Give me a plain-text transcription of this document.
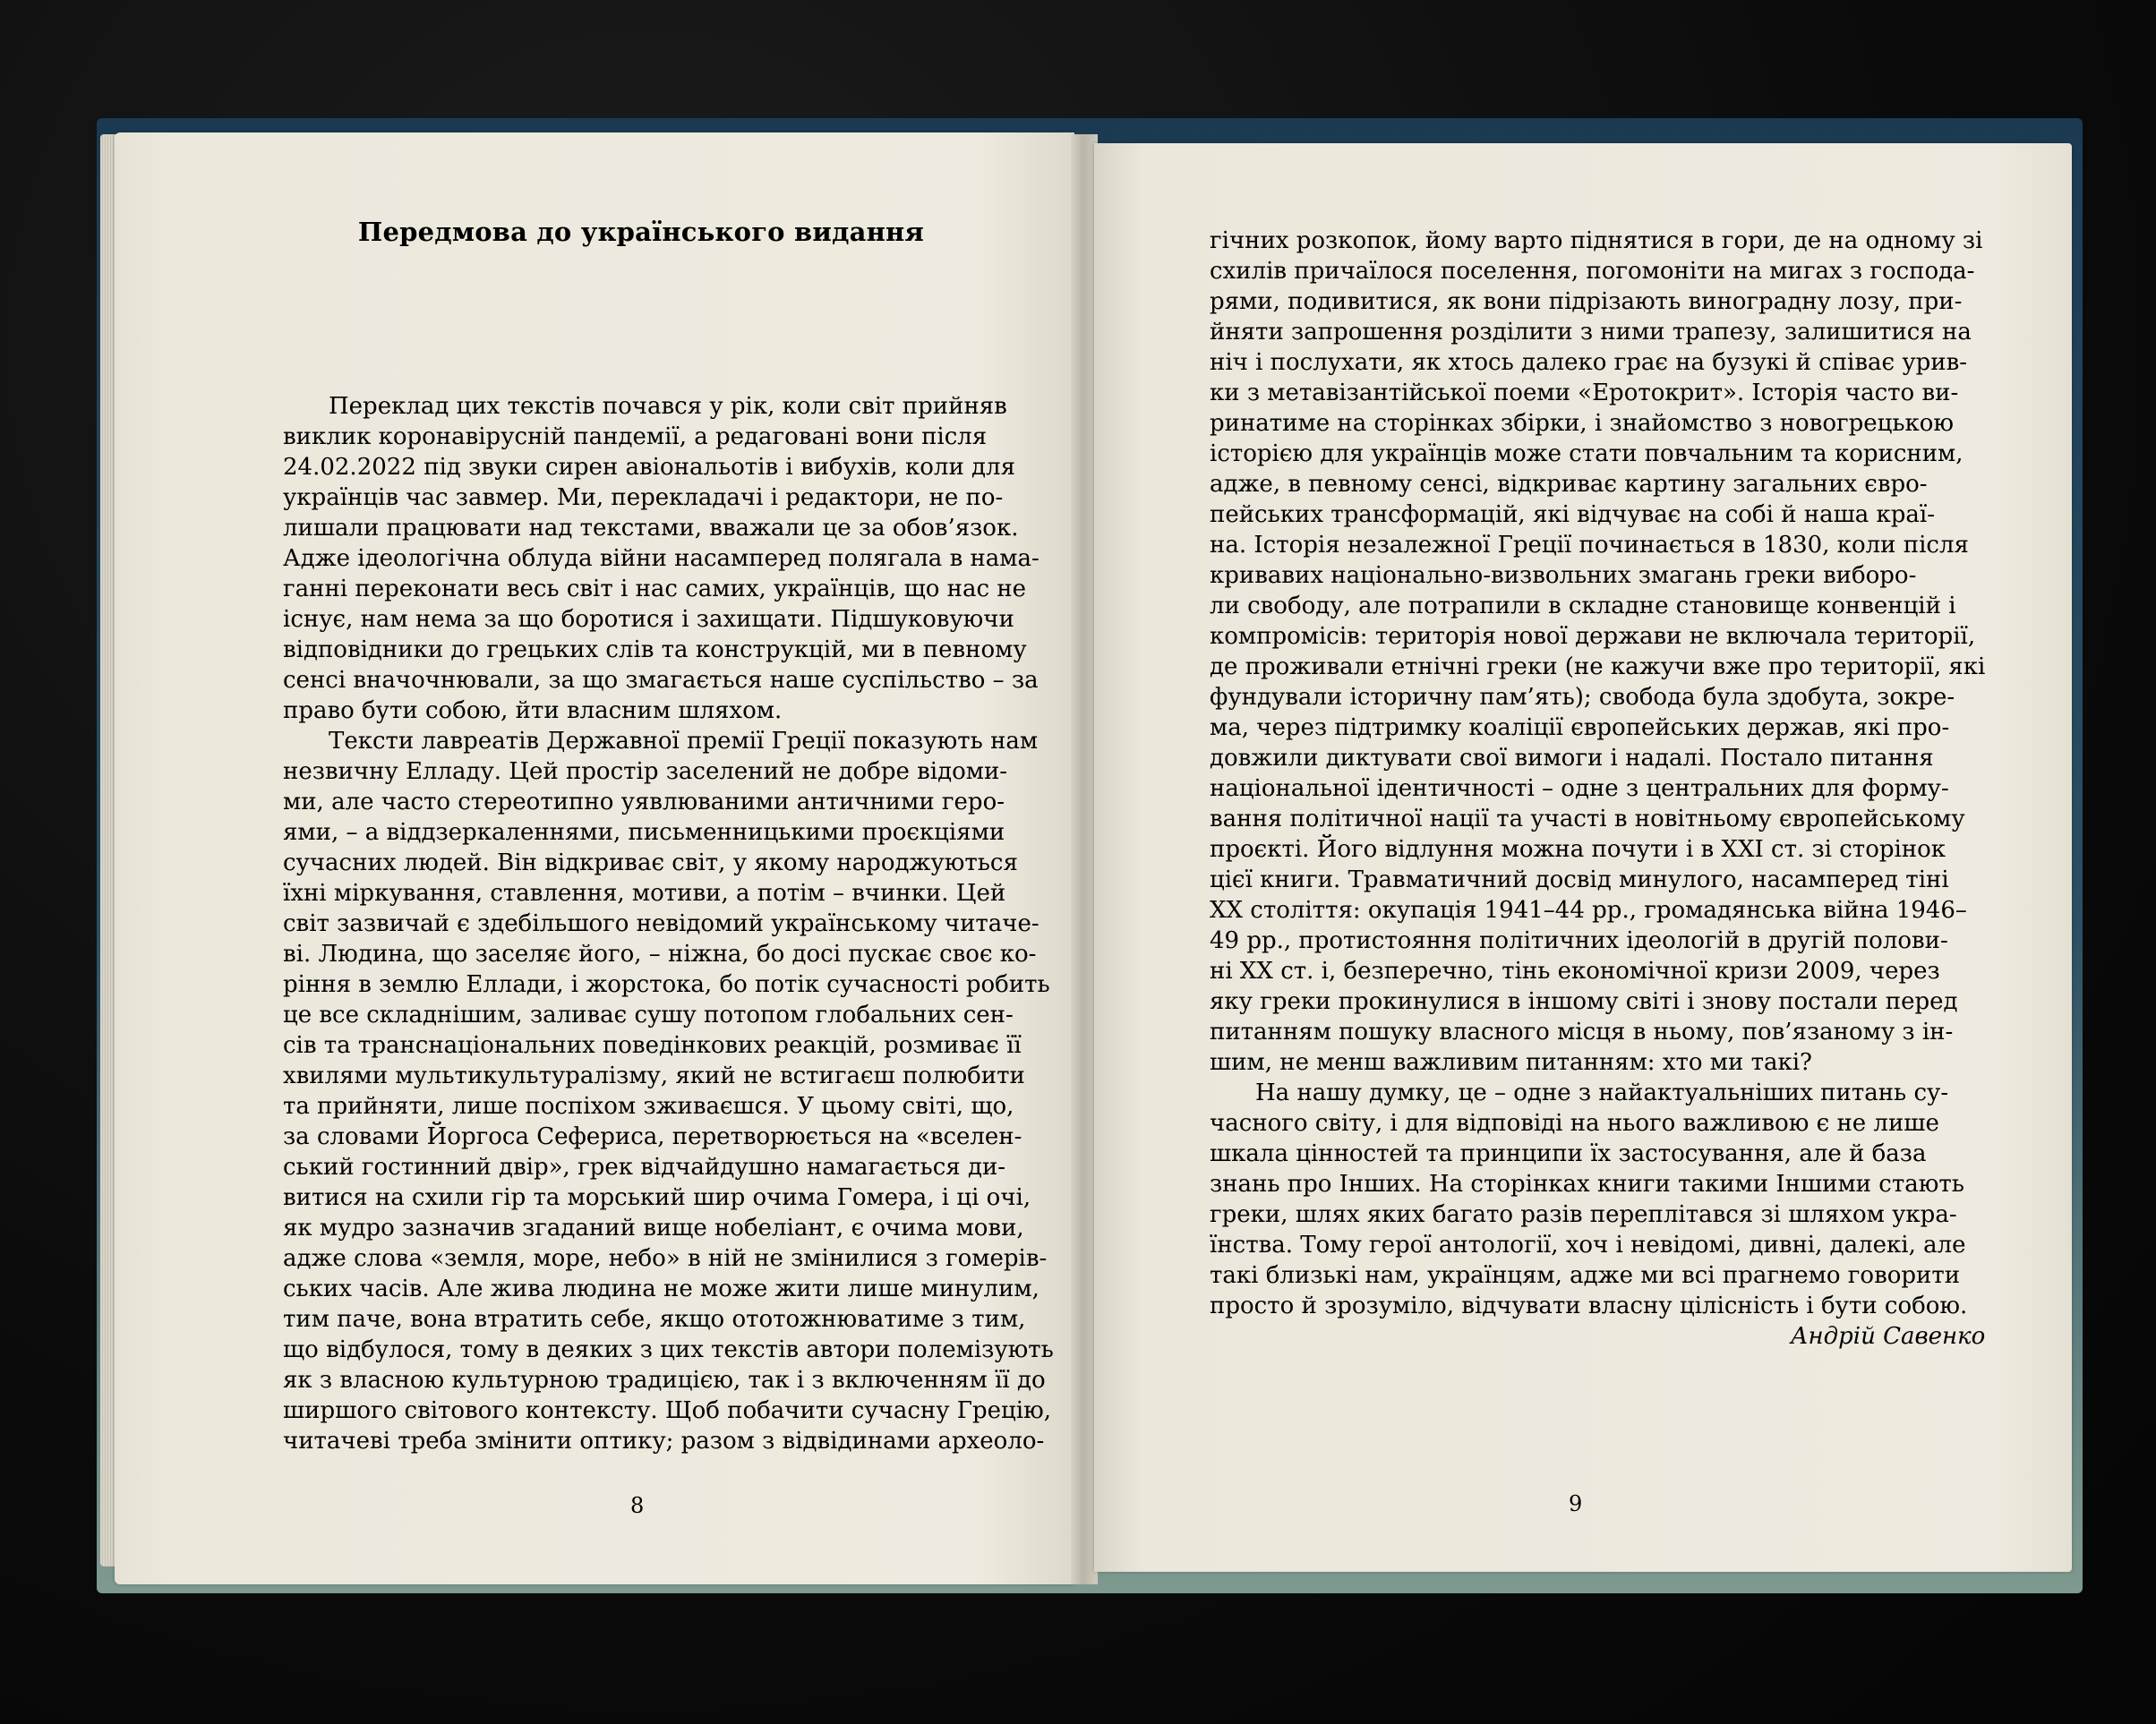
Передмова до українського видання
Переклад цих текстів почався у рік, коли світ прийняв
виклик коронавірусній пандемії, а редаговані вони після
24.02.2022 під звуки сирен авіональотів і вибухів, коли для
українців час завмер. Ми, перекладачі і редактори, не по-
лишали працювати над текстами, вважали це за обов’язок.
Адже ідеологічна облуда війни насамперед полягала в нама-
ганні переконати весь світ і нас самих, українців, що нас не
існує, нам нема за що боротися і захищати. Підшуковуючи
відповідники до грецьких слів та конструкцій, ми в певному
сенсі вначочнювали, за що змагається наше суспільство – за
право бути собою, йти власним шляхом.
Тексти лавреатів Державної премії Греції показують нам
незвичну Елладу. Цей простір заселений не добре відоми-
ми, але часто стереотипно уявлюваними античними геро-
ями, – а віддзеркаленнями, письменницькими проєкціями
сучасних людей. Він відкриває світ, у якому народжуються
їхні міркування, ставлення, мотиви, а потім – вчинки. Цей
світ зазвичай є здебільшого невідомий українському читаче-
ві. Людина, що заселяє його, – ніжна, бо досі пускає своє ко-
ріння в землю Еллади, і жорстока, бо потік сучасності робить
це все складнішим, заливає сушу потопом глобальних сен-
сів та транснаціональних поведінкових реакцій, розмиває її
хвилями мультикультуралізму, який не встигаєш полюбити
та прийняти, лише поспіхом зживаєшся. У цьому світі, що,
за словами Йоргоса Сефериса, перетворюється на «вселен-
ський гостинний двір», грек відчайдушно намагається ди-
витися на схили гір та морський шир очима Гомера, і ці очі,
як мудро зазначив згаданий вище нобеліант, є очима мови,
адже слова «земля, море, небо» в ній не змінилися з гомерів-
ських часів. Але жива людина не може жити лише минулим,
тим паче, вона втратить себе, якщо ототожнюватиме з тим,
що відбулося, тому в деяких з цих текстів автори полемізують
як з власною культурною традицією, так і з включенням її до
ширшого світового контексту. Щоб побачити сучасну Грецію,
читачеві треба змінити оптику; разом з відвідинами археоло-
8
гічних розкопок, йому варто піднятися в гори, де на одному зі
схилів причаїлося поселення, погомоніти на мигах з господа-
рями, подивитися, як вони підрізають виноградну лозу, при-
йняти запрошення розділити з ними трапезу, залишитися на
ніч і послухати, як хтось далеко грає на бузукі й співає урив-
ки з метавізантійської поеми «Еротокрит». Історія часто ви-
ринатиме на сторінках збірки, і знайомство з новогрецькою
історією для українців може стати повчальним та корисним,
адже, в певному сенсі, відкриває картину загальних євро-
пейських трансформацій, які відчуває на собі й наша краї-
на. Історія незалежної Греції починається в 1830, коли після
кривавих національно-визвольних змагань греки виборо-
ли свободу, але потрапили в складне становище конвенцій і
компромісів: територія нової держави не включала території,
де проживали етнічні греки (не кажучи вже про території, які
фундували історичну пам’ять); свобода була здобута, зокре-
ма, через підтримку коаліції європейських держав, які про-
довжили диктувати свої вимоги і надалі. Постало питання
національної ідентичності – одне з центральних для форму-
вання політичної нації та участі в новітньому європейському
проєкті. Його відлуння можна почути і в XXI ст. зі сторінок
цієї книги. Травматичний досвід минулого, насамперед тіні
XX століття: окупація 1941–44 рр., громадянська війна 1946–
49 рр., протистояння політичних ідеологій в другій полови-
ні XX ст. і, безперечно, тінь економічної кризи 2009, через
яку греки прокинулися в іншому світі і знову постали перед
питанням пошуку власного місця в ньому, пов’язаному з ін-
шим, не менш важливим питанням: хто ми такі?
На нашу думку, це – одне з найактуальніших питань су-
часного світу, і для відповіді на нього важливою є не лише
шкала цінностей та принципи їх застосування, але й база
знань про Інших. На сторінках книги такими Іншими стають
греки, шлях яких багато разів переплітався зі шляхом укра-
їнства. Тому герої антології, хоч і невідомі, дивні, далекі, але
такі близькі нам, українцям, адже ми всі прагнемо говорити
просто й зрозуміло, відчувати власну цілісність і бути собою.
Андрій Савенко
9
